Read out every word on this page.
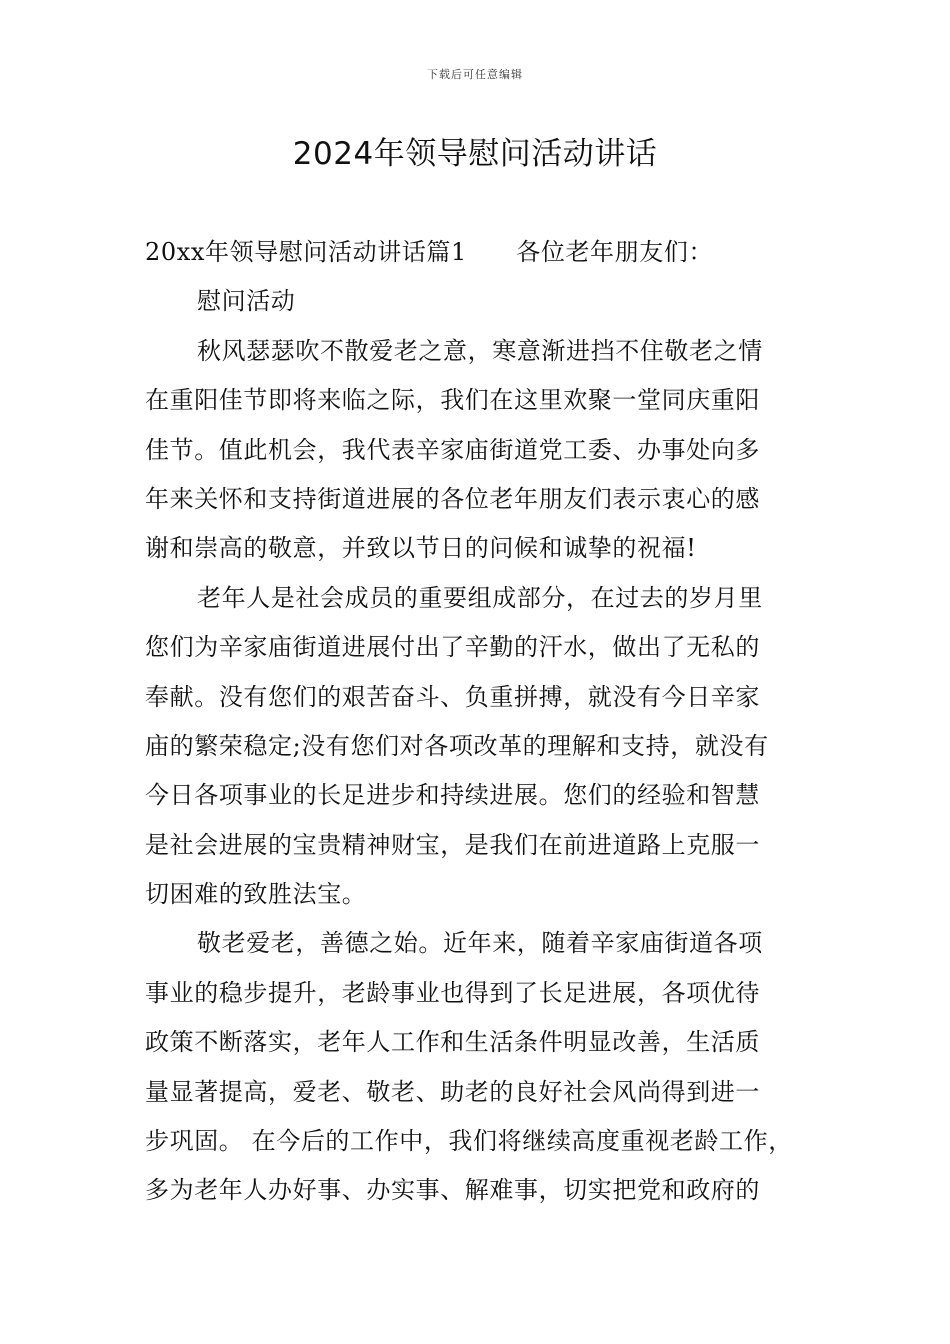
下载后可任意编辑
2024年领导慰问活动讲话
20xx年领导慰问活动讲话篇1      各位老年朋友们：
慰问活动
秋风瑟瑟吹不散爱老之意，寒意渐进挡不住敬老之情
在重阳佳节即将来临之际，我们在这里欢聚一堂同庆重阳
佳节。值此机会，我代表辛家庙街道党工委、办事处向多
年来关怀和支持街道进展的各位老年朋友们表示衷心的感
谢和崇高的敬意，并致以节日的问候和诚挚的祝福!
老年人是社会成员的重要组成部分，在过去的岁月里
您们为辛家庙街道进展付出了辛勤的汗水，做出了无私的
奉献。没有您们的艰苦奋斗、负重拼搏，就没有今日辛家
庙的繁荣稳定;没有您们对各项改革的理解和支持，就没有
今日各项事业的长足进步和持续进展。您们的经验和智慧
是社会进展的宝贵精神财宝，是我们在前进道路上克服一
切困难的致胜法宝。
敬老爱老，善德之始。近年来，随着辛家庙街道各项
事业的稳步提升，老龄事业也得到了长足进展，各项优待
政策不断落实，老年人工作和生活条件明显改善，生活质
量显著提高，爱老、敬老、助老的良好社会风尚得到进一
步巩固。 在今后的工作中，我们将继续高度重视老龄工作，
多为老年人办好事、办实事、解难事，切实把党和政府的
